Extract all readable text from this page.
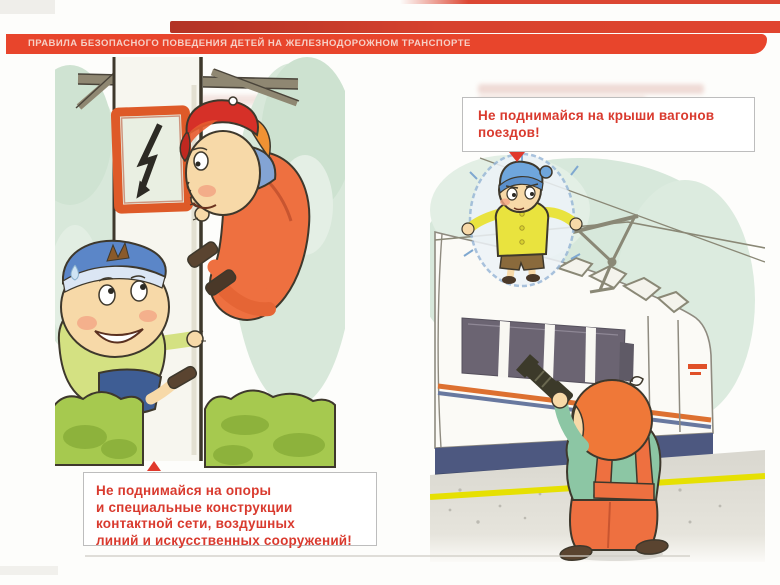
ПРАВИЛА БЕЗОПАСНОГО ПОВЕДЕНИЯ ДЕТЕЙ НА ЖЕЛЕЗНОДОРОЖНОМ ТРАНСПОРТЕ
Не поднимайся на опоры
и специальные конструкции
контактной сети, воздушных
линий и искусственных сооружений!
Не поднимайся на крыши вагонов
поездов!
